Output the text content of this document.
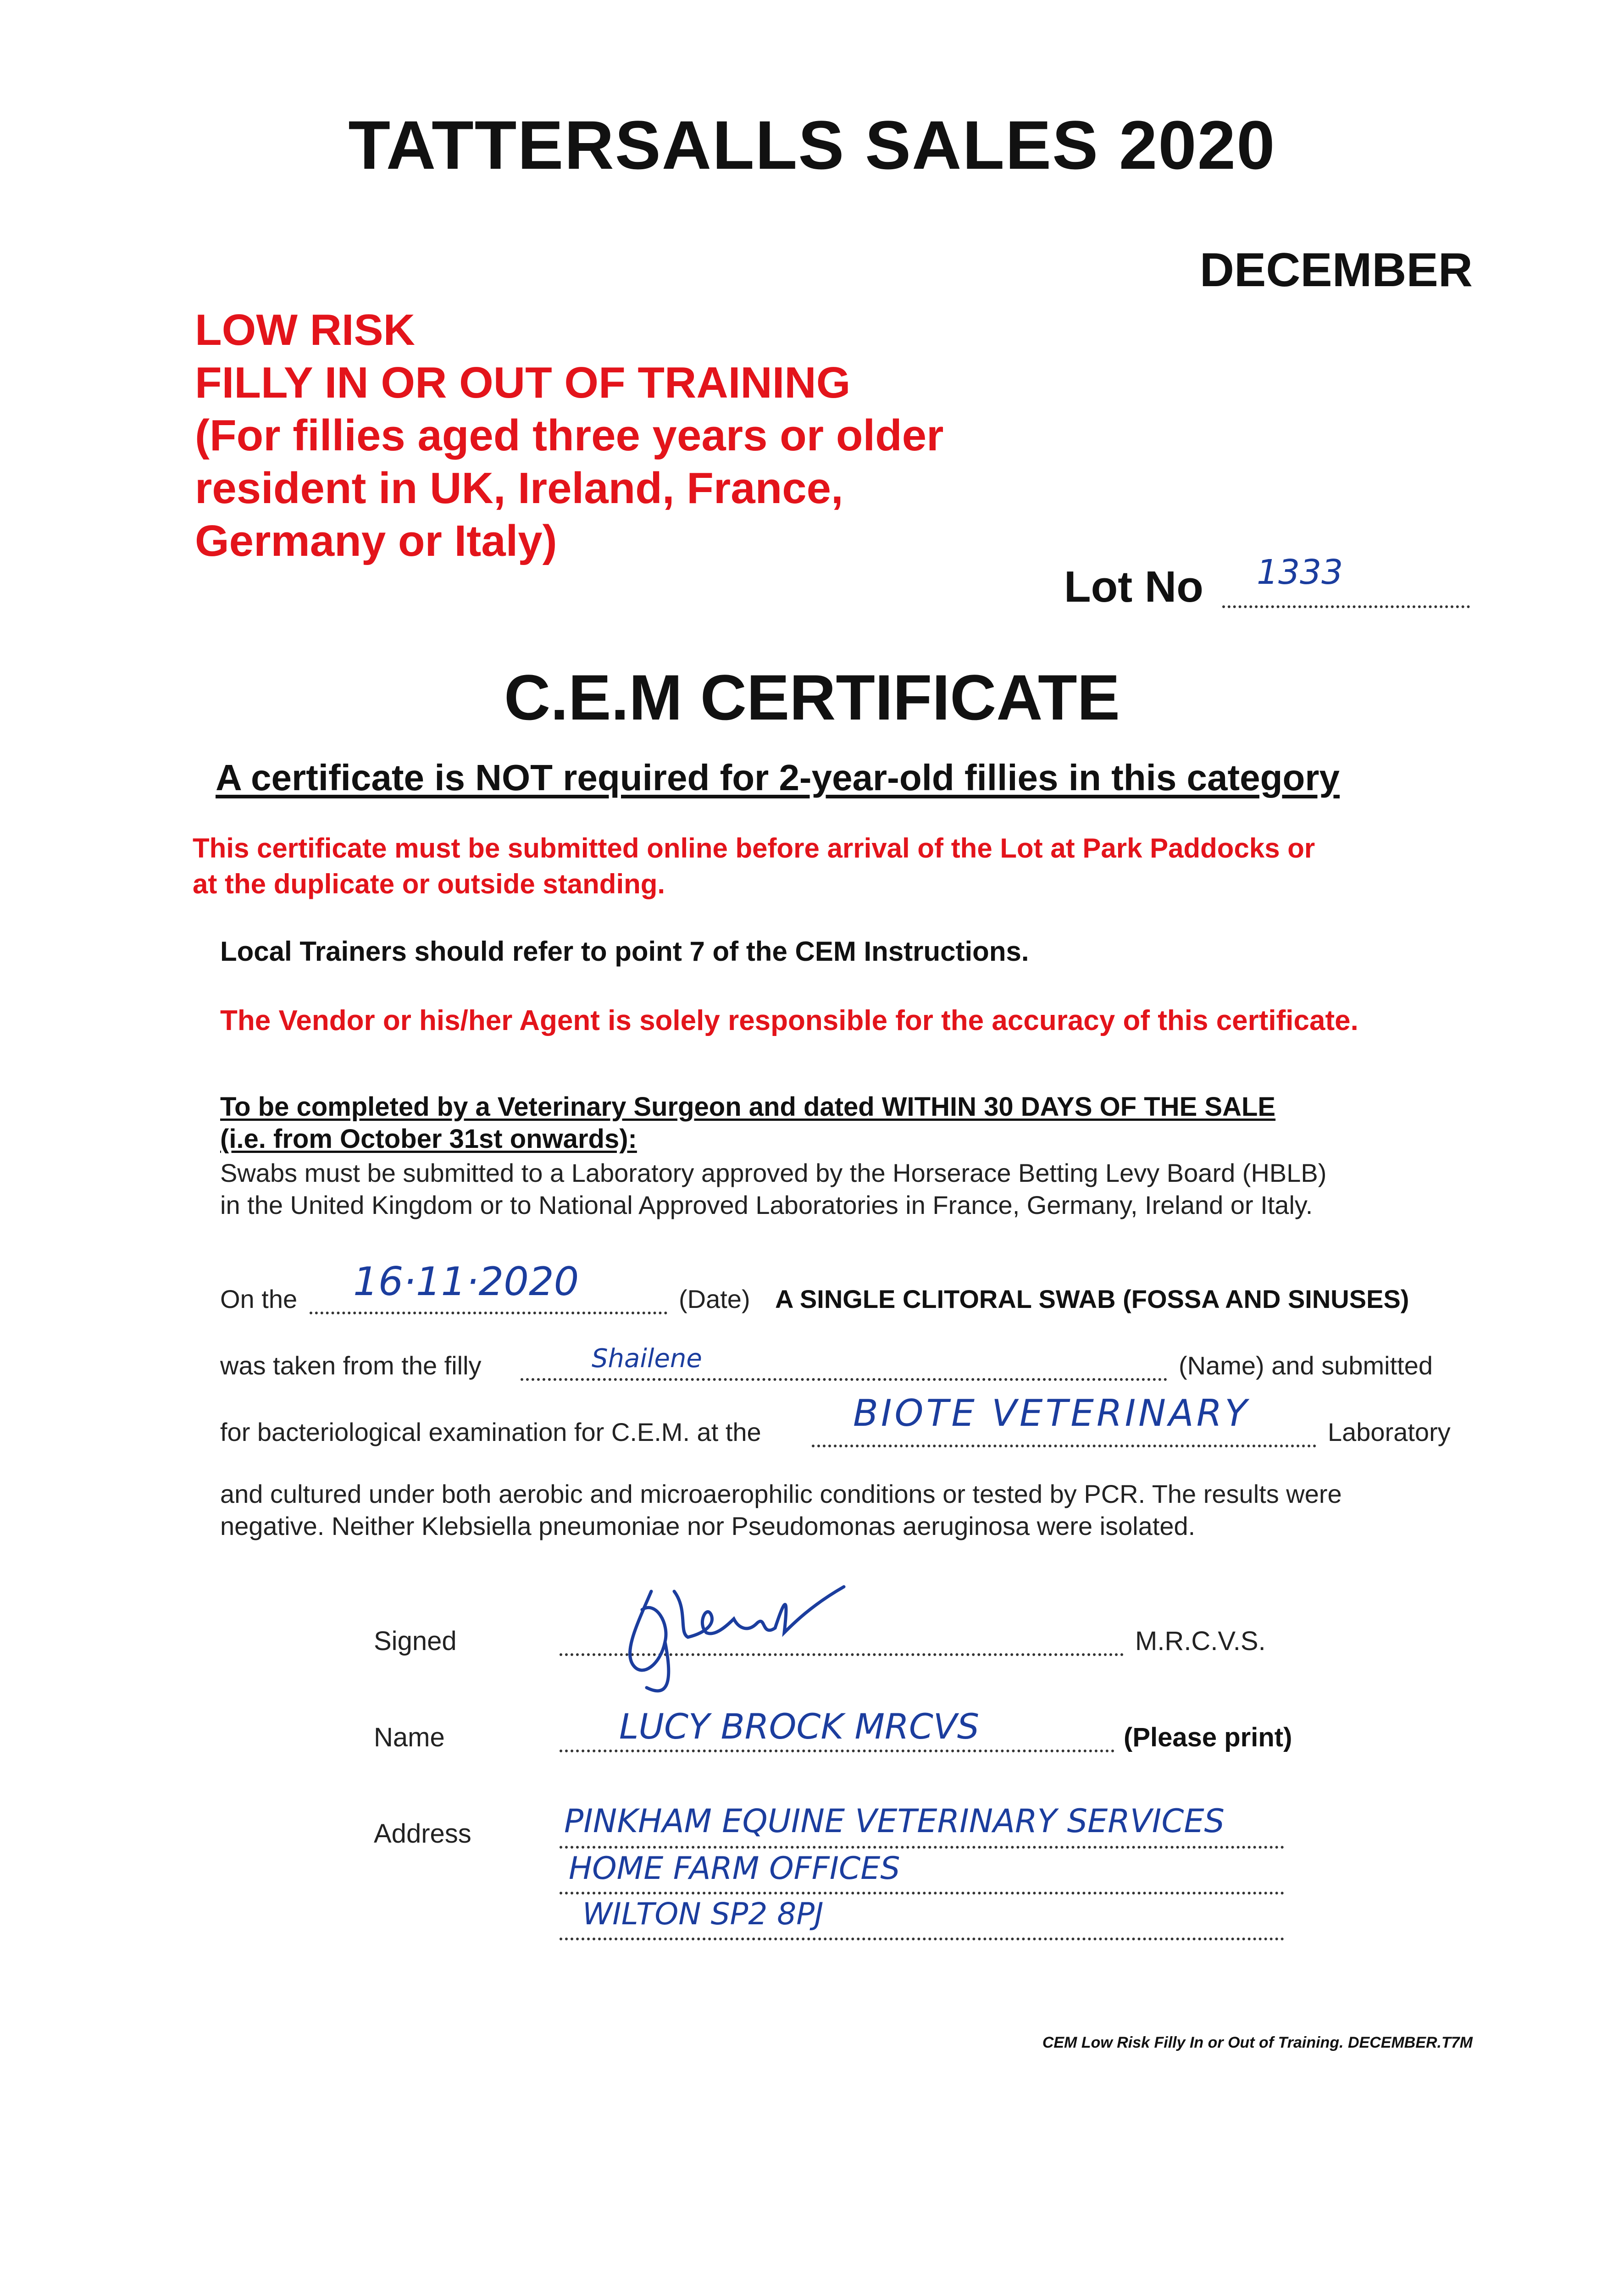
TATTERSALLS SALES 2020
DECEMBER
LOW RISK
FILLY IN OR OUT OF TRAINING
(For fillies aged three years or older
resident in UK, Ireland, France,
Germany or Italy)
Lot No 1333
C.E.M CERTIFICATE
A certificate is NOT required for 2-year-old fillies in this category
This certificate must be submitted online before arrival of the Lot at Park Paddocks or
at the duplicate or outside standing.
Local Trainers should refer to point 7 of the CEM Instructions.
The Vendor or his/her Agent is solely responsible for the accuracy of this certificate.
To be completed by a Veterinary Surgeon and dated WITHIN 30 DAYS OF THE SALE
(i.e. from October 31st onwards):
Swabs must be submitted to a Laboratory approved by the Horserace Betting Levy Board (HBLB)
in the United Kingdom or to National Approved Laboratories in France, Germany, Ireland or Italy.
On the 16·11·2020	(Date) A SINGLE CLITORAL SWAB (FOSSA AND SINUSES)
was taken from the filly	Shailene	(Name) and submitted
for bacteriological examination for C.E.M. at the	BIOTE VETERINARY	Laboratory
and cultured under both aerobic and microaerophilic conditions or tested by PCR. The results were
negative. Neither Klebsiella pneumoniae nor Pseudomonas aeruginosa were isolated.
Signed	M.R.C.V.S.
Name	LUCY BROCK MRCVS	(Please print)
Address	PINKHAM EQUINE VETERINARY SERVICES
HOME FARM OFFICES
WILTON SP2 8PJ
CEM Low Risk Filly In or Out of Training. DECEMBER.T7M
